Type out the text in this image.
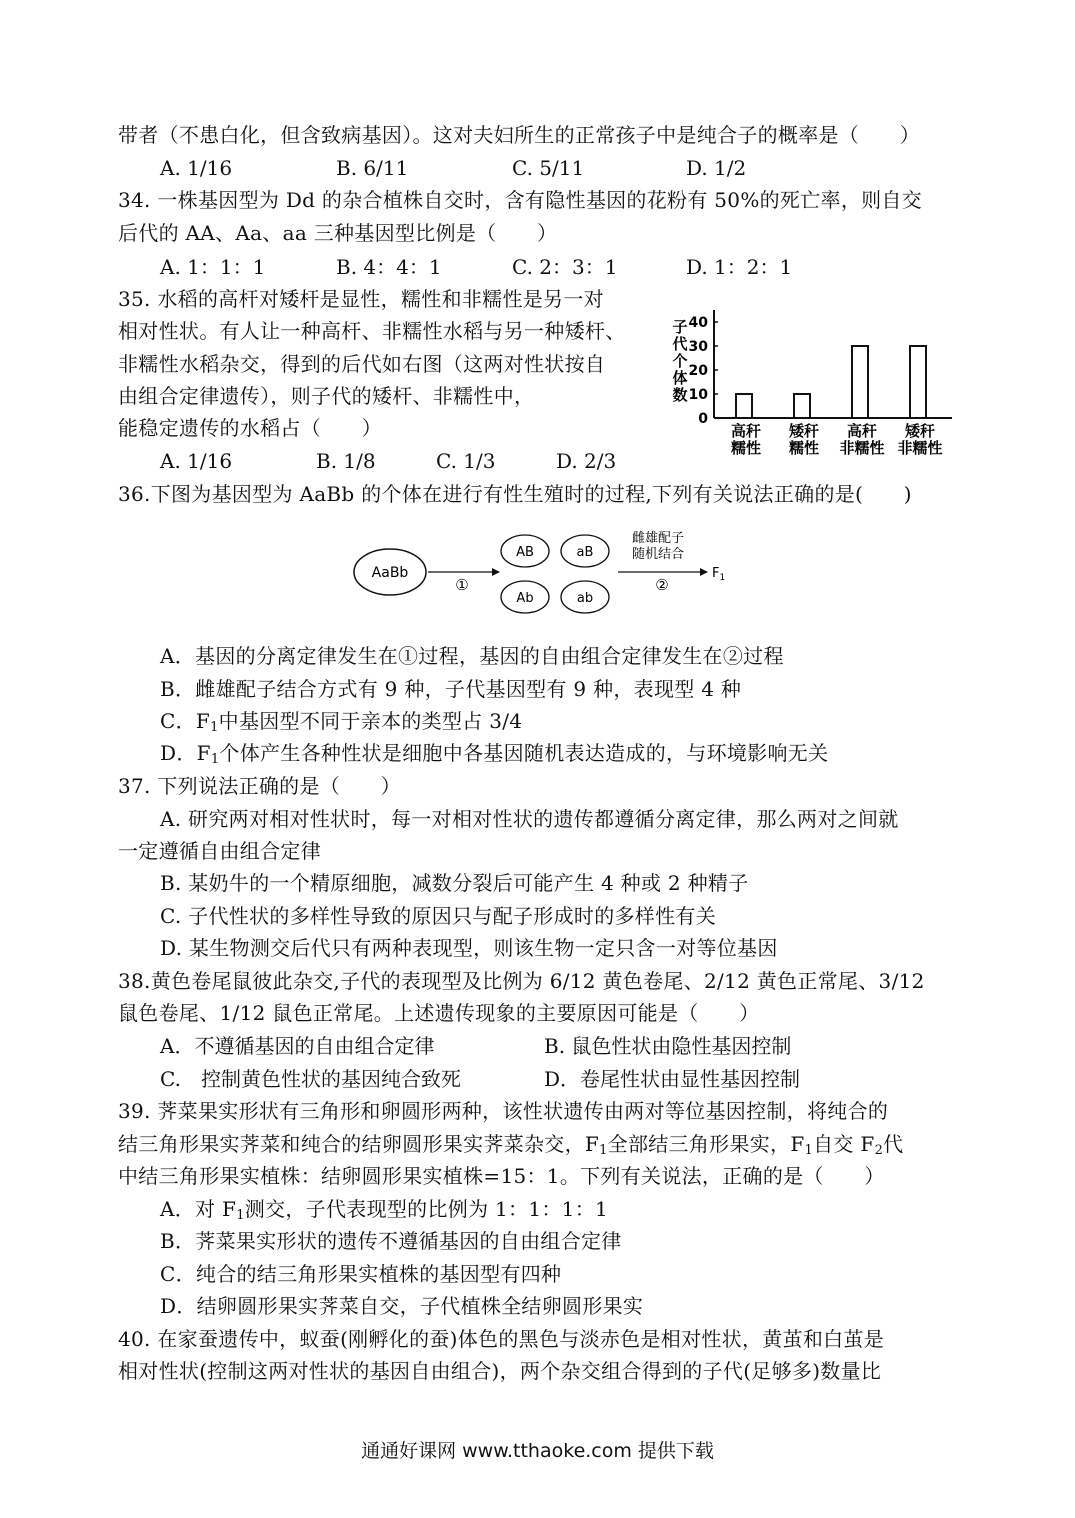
带者（不患白化，但含致病基因）。这对夫妇所生的正常孩子中是纯合子的概率是（　　）
A. 1/16	B. 6/11	C. 5/11	D. 1/2
34. 一株基因型为 Dd 的杂合植株自交时，含有隐性基因的花粉有 50%的死亡率，则自交
后代的 AA、Aa、aa 三种基因型比例是（　　）
A. 1：1：1	B. 4：4：1	C. 2：3：1	D. 1：2：1
35. 水稻的高杆对矮杆是显性，糯性和非糯性是另一对
相对性状。有人让一种高杆、非糯性水稻与另一种矮杆、
非糯性水稻杂交，得到的后代如右图（这两对性状按自
由组合定律遗传），则子代的矮杆、非糯性中，
能稳定遗传的水稻占（　　）
A. 1/16	B. 1/8	C. 1/3	D. 2/3
子
代
个
体
数
0
10
20
30
40
高秆
糯性
矮秆
糯性
高秆
非糯性
矮秆
非糯性
36.下图为基因型为 AaBb 的个体在进行有性生殖时的过程,下列有关说法正确的是(　　)
AaBb
①
AB	aB
Ab	ab
雌雄配子
随机结合
②
$F_1$
A．基因的分离定律发生在①过程，基因的自由组合定律发生在②过程
B．雌雄配子结合方式有 9 种，子代基因型有 9 种，表现型 4 种
C．$F_1$中基因型不同于亲本的类型占 3/4
D．$F_1$个体产生各种性状是细胞中各基因随机表达造成的，与环境影响无关
37. 下列说法正确的是（　　）
A. 研究两对相对性状时，每一对相对性状的遗传都遵循分离定律，那么两对之间就
一定遵循自由组合定律
B. 某奶牛的一个精原细胞，减数分裂后可能产生 4 种或 2 种精子
C. 子代性状的多样性导致的原因只与配子形成时的多样性有关
D. 某生物测交后代只有两种表现型，则该生物一定只含一对等位基因
38.黄色卷尾鼠彼此杂交,子代的表现型及比例为 6/12 黄色卷尾、2/12 黄色正常尾、3/12
鼠色卷尾、1/12 鼠色正常尾。上述遗传现象的主要原因可能是（　　）
A．不遵循基因的自由组合定律	B. 鼠色性状由隐性基因控制
C.　控制黄色性状的基因纯合致死	D．卷尾性状由显性基因控制
39. 荠菜果实形状有三角形和卵圆形两种，该性状遗传由两对等位基因控制，将纯合的
结三角形果实荠菜和纯合的结卵圆形果实荠菜杂交，$F_1$全部结三角形果实，$F_1$自交 $F_2$代
中结三角形果实植株：结卵圆形果实植株=15：1。下列有关说法，正确的是（　　）
A．对 $F_1$测交，子代表现型的比例为 1：1：1：1
B．荠菜果实形状的遗传不遵循基因的自由组合定律
C．纯合的结三角形果实植株的基因型有四种
D．结卵圆形果实荠菜自交，子代植株全结卵圆形果实
40. 在家蚕遗传中，蚁蚕(刚孵化的蚕)体色的黑色与淡赤色是相对性状，黄茧和白茧是
相对性状(控制这两对性状的基因自由组合)，两个杂交组合得到的子代(足够多)数量比
通通好课网 www.tthaoke.com 提供下载
